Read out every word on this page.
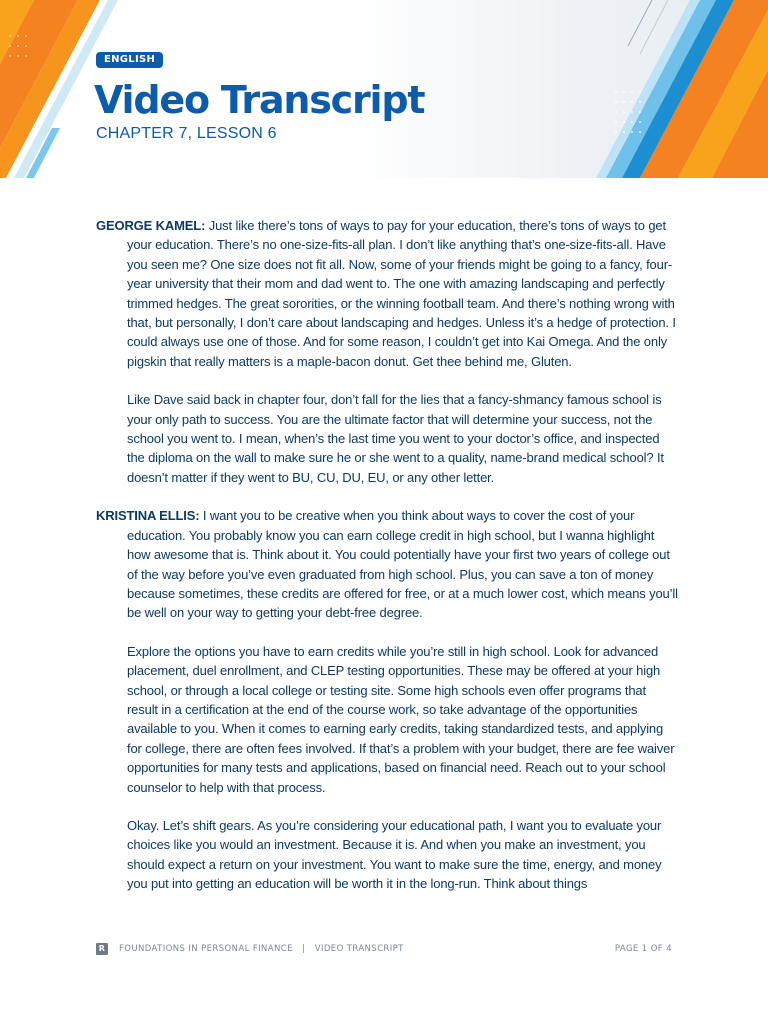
ENGLISH
Video Transcript
CHAPTER 7, LESSON 6

GEORGE KAMEL: Just like there’s tons of ways to pay for your education, there’s tons of ways to get your education. There’s no one-size-fits-all plan. I don’t like anything that’s one-size-fits-all. Have you seen me? One size does not fit all. Now, some of your friends might be going to a fancy, four-year university that their mom and dad went to. The one with amazing landscaping and perfectly trimmed hedges. The great sororities, or the winning football team. And there’s nothing wrong with that, but personally, I don’t care about landscaping and hedges. Unless it’s a hedge of protection. I could always use one of those. And for some reason, I couldn’t get into Kai Omega. And the only pigskin that really matters is a maple-bacon donut. Get thee behind me, Gluten.

Like Dave said back in chapter four, don’t fall for the lies that a fancy-shmancy famous school is your only path to success. You are the ultimate factor that will determine your success, not the school you went to. I mean, when’s the last time you went to your doctor’s office, and inspected the diploma on the wall to make sure he or she went to a quality, name-brand medical school? It doesn’t matter if they went to BU, CU, DU, EU, or any other letter.

KRISTINA ELLIS: I want you to be creative when you think about ways to cover the cost of your education. You probably know you can earn college credit in high school, but I wanna highlight how awesome that is. Think about it. You could potentially have your first two years of college out of the way before you’ve even graduated from high school. Plus, you can save a ton of money because sometimes, these credits are offered for free, or at a much lower cost, which means you’ll be well on your way to getting your debt-free degree.

Explore the options you have to earn credits while you’re still in high school. Look for advanced placement, duel enrollment, and CLEP testing opportunities. These may be offered at your high school, or through a local college or testing site. Some high schools even offer programs that result in a certification at the end of the course work, so take advantage of the opportunities available to you. When it comes to earning early credits, taking standardized tests, and applying for college, there are often fees involved. If that’s a problem with your budget, there are fee waiver opportunities for many tests and applications, based on financial need. Reach out to your school counselor to help with that process.

Okay. Let’s shift gears. As you’re considering your educational path, I want you to evaluate your choices like you would an investment. Because it is. And when you make an investment, you should expect a return on your investment. You want to make sure the time, energy, and money you put into getting an education will be worth it in the long-run. Think about things

R	FOUNDATIONS IN PERSONAL FINANCE   |   VIDEO TRANSCRIPT	PAGE 1 OF 4
